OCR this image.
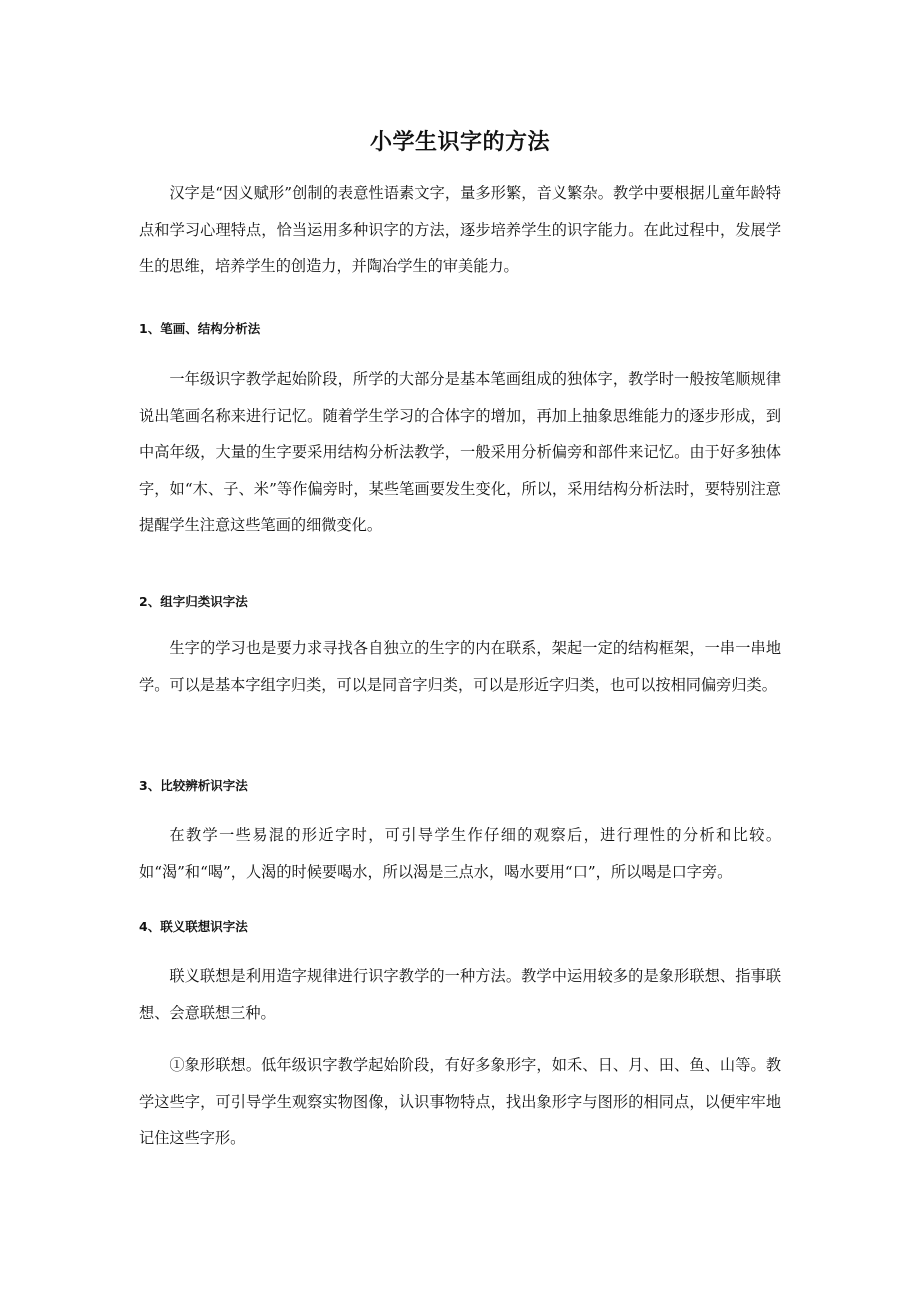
小学生识字的方法

汉字是“因义赋形”创制的表意性语素文字，量多形繁，音义繁杂。教学中要根据儿童年龄特点和学习心理特点，恰当运用多种识字的方法，逐步培养学生的识字能力。在此过程中，发展学生的思维，培养学生的创造力，并陶冶学生的审美能力。

1、笔画、结构分析法

一年级识字教学起始阶段，所学的大部分是基本笔画组成的独体字，教学时一般按笔顺规律说出笔画名称来进行记忆。随着学生学习的合体字的增加，再加上抽象思维能力的逐步形成，到中高年级，大量的生字要采用结构分析法教学，一般采用分析偏旁和部件来记忆。由于好多独体字，如“木、子、米”等作偏旁时，某些笔画要发生变化，所以，采用结构分析法时，要特别注意提醒学生注意这些笔画的细微变化。

2、组字归类识字法

生字的学习也是要力求寻找各自独立的生字的内在联系，架起一定的结构框架，一串一串地学。可以是基本字组字归类，可以是同音字归类，可以是形近字归类，也可以按相同偏旁归类。

3、比较辨析识字法

在教学一些易混的形近字时，可引导学生作仔细的观察后，进行理性的分析和比较。如“渴”和“喝”，人渴的时候要喝水，所以渴是三点水，喝水要用“口”，所以喝是口字旁。

4、联义联想识字法

联义联想是利用造字规律进行识字教学的一种方法。教学中运用较多的是象形联想、指事联想、会意联想三种。

①象形联想。低年级识字教学起始阶段，有好多象形字，如禾、日、月、田、鱼、山等。教学这些字，可引导学生观察实物图像，认识事物特点，找出象形字与图形的相同点，以便牢牢地记住这些字形。
